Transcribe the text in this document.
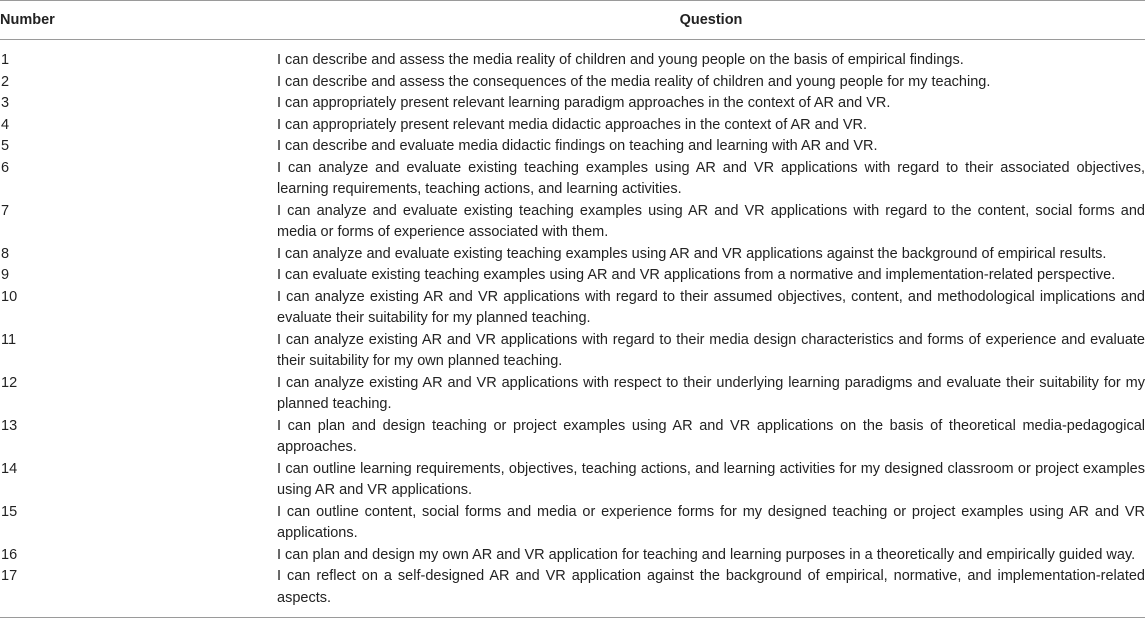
Number	Question
1	I can describe and assess the media reality of children and young people on the basis of empirical findings.
2	I can describe and assess the consequences of the media reality of children and young people for my teaching.
3	I can appropriately present relevant learning paradigm approaches in the context of AR and VR.
4	I can appropriately present relevant media didactic approaches in the context of AR and VR.
5	I can describe and evaluate media didactic findings on teaching and learning with AR and VR.
6	I can analyze and evaluate existing teaching examples using AR and VR applications with regard to their associated objectives, learning requirements, teaching actions, and learning activities.
7	I can analyze and evaluate existing teaching examples using AR and VR applications with regard to the content, social forms and media or forms of experience associated with them.
8	I can analyze and evaluate existing teaching examples using AR and VR applications against the background of empirical results.
9	I can evaluate existing teaching examples using AR and VR applications from a normative and implementation-related perspective.
10	I can analyze existing AR and VR applications with regard to their assumed objectives, content, and methodological implications and evaluate their suitability for my planned teaching.
11	I can analyze existing AR and VR applications with regard to their media design characteristics and forms of experience and evaluate their suitability for my own planned teaching.
12	I can analyze existing AR and VR applications with respect to their underlying learning paradigms and evaluate their suitability for my planned teaching.
13	I can plan and design teaching or project examples using AR and VR applications on the basis of theoretical media-pedagogical approaches.
14	I can outline learning requirements, objectives, teaching actions, and learning activities for my designed classroom or project examples using AR and VR applications.
15	I can outline content, social forms and media or experience forms for my designed teaching or project examples using AR and VR applications.
16	I can plan and design my own AR and VR application for teaching and learning purposes in a theoretically and empirically guided way.
17	I can reflect on a self-designed AR and VR application against the background of empirical, normative, and implementation-related aspects.
